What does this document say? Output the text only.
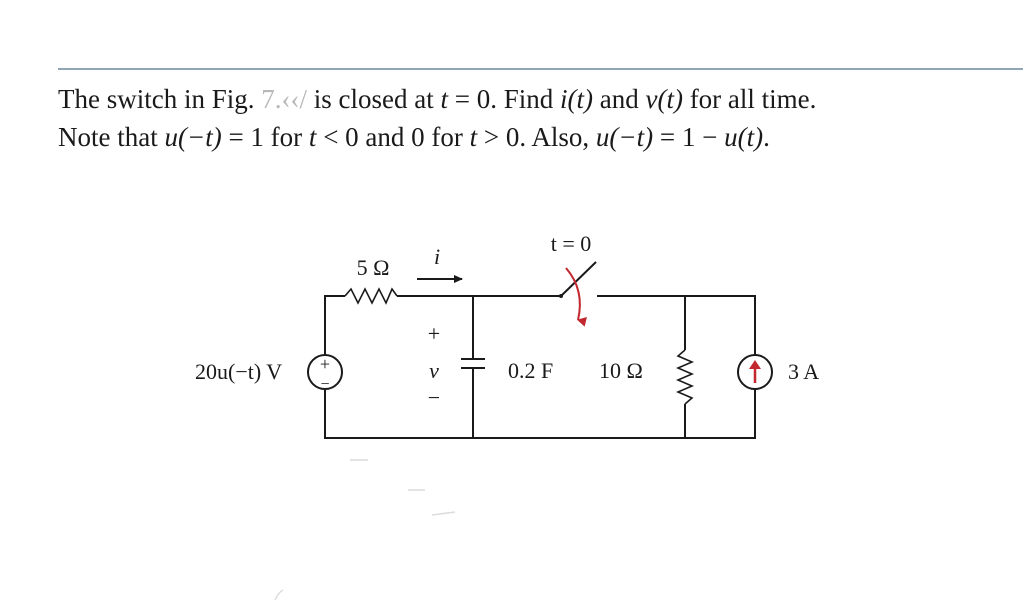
The switch in Fig. 7.‹‹/ is closed at t = 0. Find i(t) and v(t) for all time.
Note that u(−t) = 1 for t < 0 and 0 for t > 0. Also, u(−t) = 1 − u(t).
5 Ω i
+
−
20u(−t) V
+
v
−
0.2 F
t = 0
10 Ω	3 A
